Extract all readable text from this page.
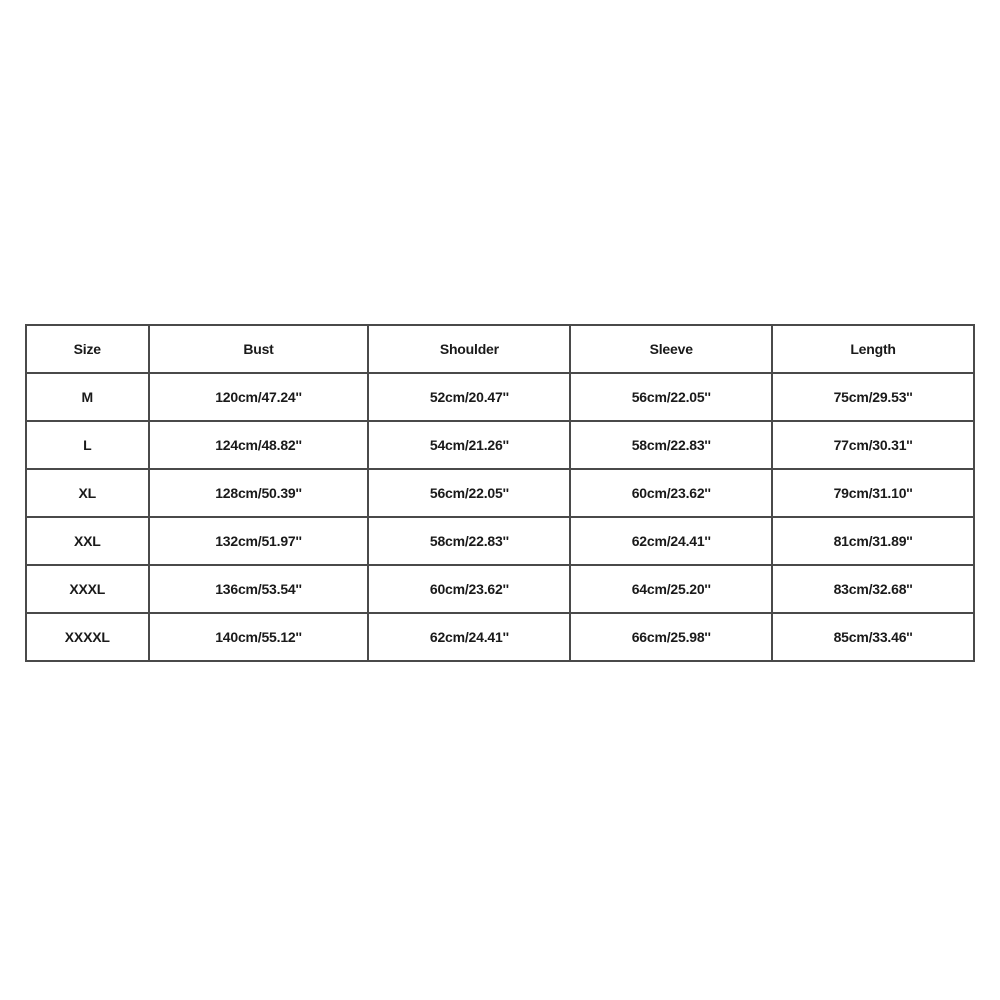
Size	Bust	Shoulder	Sleeve	Length
M	120cm/47.24''	52cm/20.47''	56cm/22.05''	75cm/29.53''
L	124cm/48.82''	54cm/21.26''	58cm/22.83''	77cm/30.31''
XL	128cm/50.39''	56cm/22.05''	60cm/23.62''	79cm/31.10''
XXL	132cm/51.97''	58cm/22.83''	62cm/24.41''	81cm/31.89''
XXXL	136cm/53.54''	60cm/23.62''	64cm/25.20''	83cm/32.68''
XXXXL	140cm/55.12''	62cm/24.41''	66cm/25.98''	85cm/33.46''
